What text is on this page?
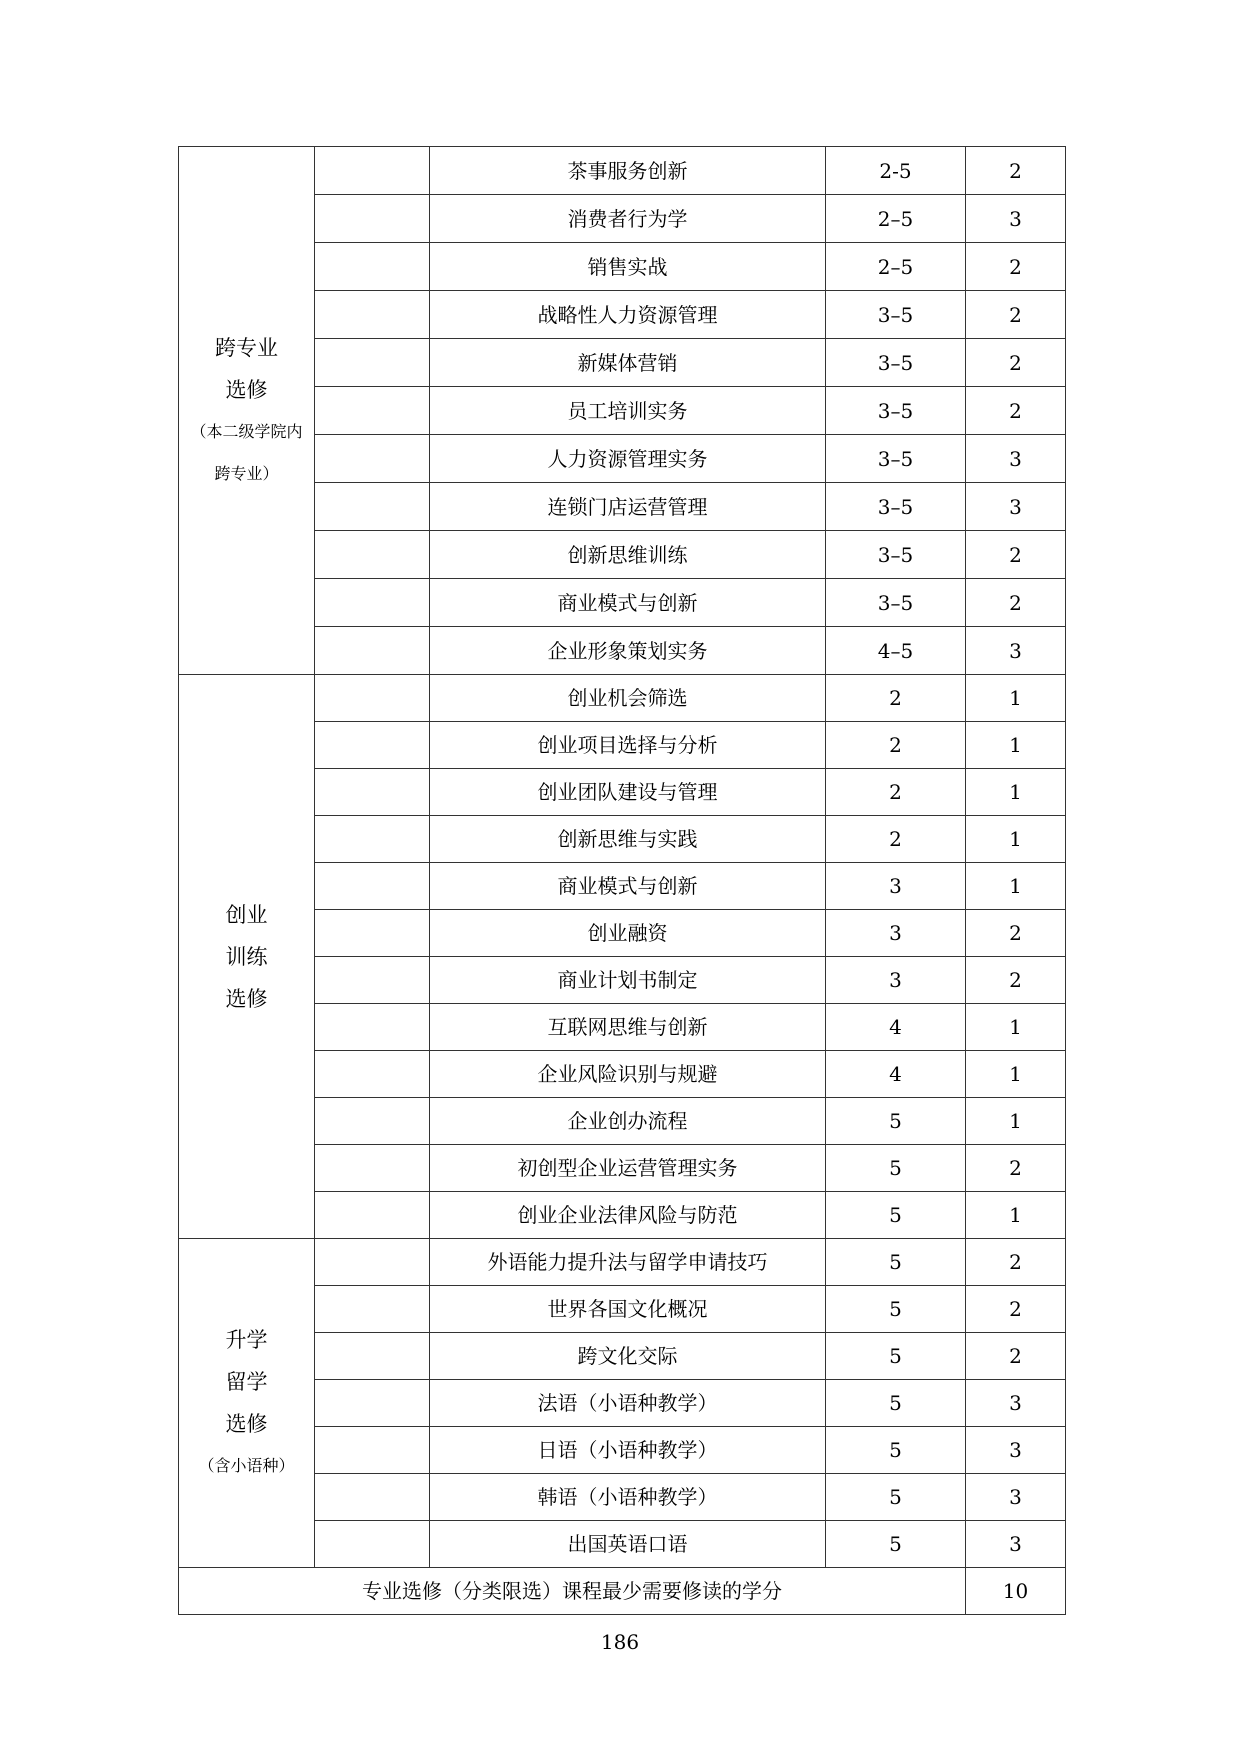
跨专业
选修
（本二级学院内
跨专业）		茶事服务创新	2-5	2
		消费者行为学	2–5	3
		销售实战	2–5	2
		战略性人力资源管理	3–5	2
		新媒体营销	3–5	2
		员工培训实务	3–5	2
		人力资源管理实务	3–5	3
		连锁门店运营管理	3–5	3
		创新思维训练	3–5	2
		商业模式与创新	3–5	2
		企业形象策划实务	4–5	3

创业
训练
选修		创业机会筛选	2	1
		创业项目选择与分析	2	1
		创业团队建设与管理	2	1
		创新思维与实践	2	1
		商业模式与创新	3	1
		创业融资	3	2
		商业计划书制定	3	2
		互联网思维与创新	4	1
		企业风险识别与规避	4	1
		企业创办流程	5	1
		初创型企业运营管理实务	5	2
		创业企业法律风险与防范	5	1

升学
留学
选修
（含小语种）		外语能力提升法与留学申请技巧	5	2
		世界各国文化概况	5	2
		跨文化交际	5	2
		法语（小语种教学）	5	3
		日语（小语种教学）	5	3
		韩语（小语种教学）	5	3
		出国英语口语	5	3
专业选修（分类限选）课程最少需要修读的学分				10
186
